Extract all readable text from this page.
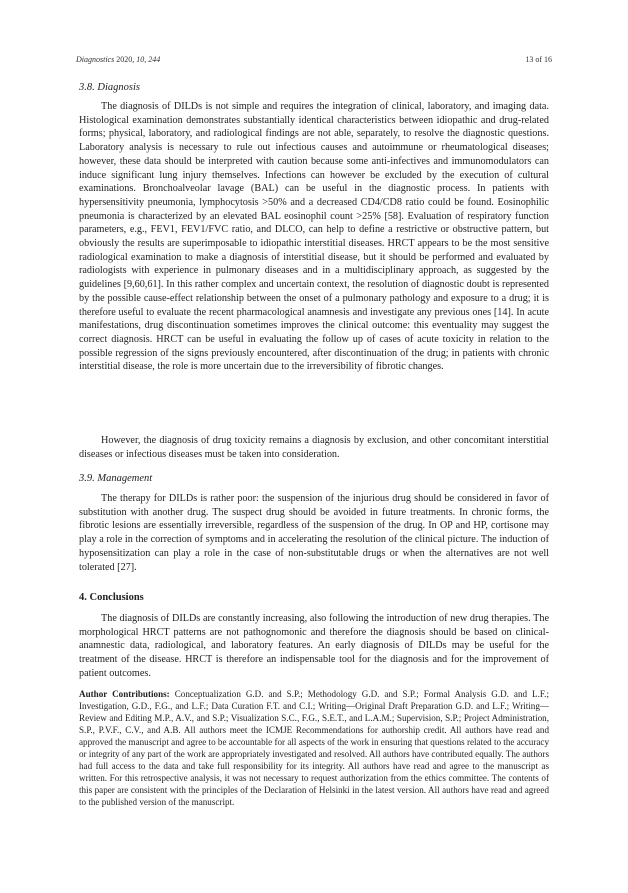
Diagnostics 2020, 10, 244	13 of 16

3.8. Diagnosis

The diagnosis of DILDs is not simple and requires the integration of clinical, laboratory, and imaging data. Histological examination demonstrates substantially identical characteristics between idiopathic and drug-related forms; physical, laboratory, and radiological findings are not able, separately, to resolve the diagnostic questions. Laboratory analysis is necessary to rule out infectious causes and autoimmune or rheumatological diseases; however, these data should be interpreted with caution because some anti-infectives and immunomodulators can induce significant lung injury themselves. Infections can however be excluded by the execution of cultural examinations. Bronchoalveolar lavage (BAL) can be useful in the diagnostic process. In patients with hypersensitivity pneumonia, lymphocytosis >50% and a decreased CD4/CD8 ratio could be found. Eosinophilic pneumonia is characterized by an elevated BAL eosinophil count >25% [58]. Evaluation of respiratory function parameters, e.g., FEV1, FEV1/FVC ratio, and DLCO, can help to define a restrictive or obstructive pattern, but obviously the results are superimposable to idiopathic interstitial diseases. HRCT appears to be the most sensitive radiological examination to make a diagnosis of interstitial disease, but it should be performed and evaluated by radiologists with experience in pulmonary diseases and in a multidisciplinary approach, as suggested by the guidelines [9,60,61]. In this rather complex and uncertain context, the resolution of diagnostic doubt is represented by the possible cause-effect relationship between the onset of a pulmonary pathology and exposure to a drug; it is therefore useful to evaluate the recent pharmacological anamnesis and investigate any previous ones [14]. In acute manifestations, drug discontinuation sometimes improves the clinical outcome: this eventuality may suggest the correct diagnosis. HRCT can be useful in evaluating the follow up of cases of acute toxicity in relation to the possible regression of the signs previously encountered, after discontinuation of the drug; in patients with chronic interstitial disease, the role is more uncertain due to the irreversibility of fibrotic changes.

However, the diagnosis of drug toxicity remains a diagnosis by exclusion, and other concomitant interstitial diseases or infectious diseases must be taken into consideration.

3.9. Management

The therapy for DILDs is rather poor: the suspension of the injurious drug should be considered in favor of substitution with another drug. The suspect drug should be avoided in future treatments. In chronic forms, the fibrotic lesions are essentially irreversible, regardless of the suspension of the drug. In OP and HP, cortisone may play a role in the correction of symptoms and in accelerating the resolution of the clinical picture. The induction of hyposensitization can play a role in the case of non-substitutable drugs or when the alternatives are not well tolerated [27].

4. Conclusions

The diagnosis of DILDs are constantly increasing, also following the introduction of new drug therapies. The morphological HRCT patterns are not pathognomonic and therefore the diagnosis should be based on clinical-anamnestic data, radiological, and laboratory features. An early diagnosis of DILDs may be useful for the treatment of the disease. HRCT is therefore an indispensable tool for the diagnosis and for the improvement of patient outcomes.

Author Contributions: Conceptualization G.D. and S.P.; Methodology G.D. and S.P.; Formal Analysis G.D. and L.F.; Investigation, G.D., F.G., and L.F.; Data Curation F.T. and C.I.; Writing—Original Draft Preparation G.D. and L.F.; Writing—Review and Editing M.P., A.V., and S.P.; Visualization S.C., F.G., S.E.T., and L.A.M.; Supervision, S.P.; Project Administration, S.P., P.V.F., C.V., and A.B. All authors meet the ICMJE Recommendations for authorship credit. All authors have read and approved the manuscript and agree to be accountable for all aspects of the work in ensuring that questions related to the accuracy or integrity of any part of the work are appropriately investigated and resolved. All authors have contributed equally. The authors had full access to the data and take full responsibility for its integrity. All authors have read and agree to the manuscript as written. For this retrospective analysis, it was not necessary to request authorization from the ethics committee. The contents of this paper are consistent with the principles of the Declaration of Helsinki in the latest version. All authors have read and agreed to the published version of the manuscript.
